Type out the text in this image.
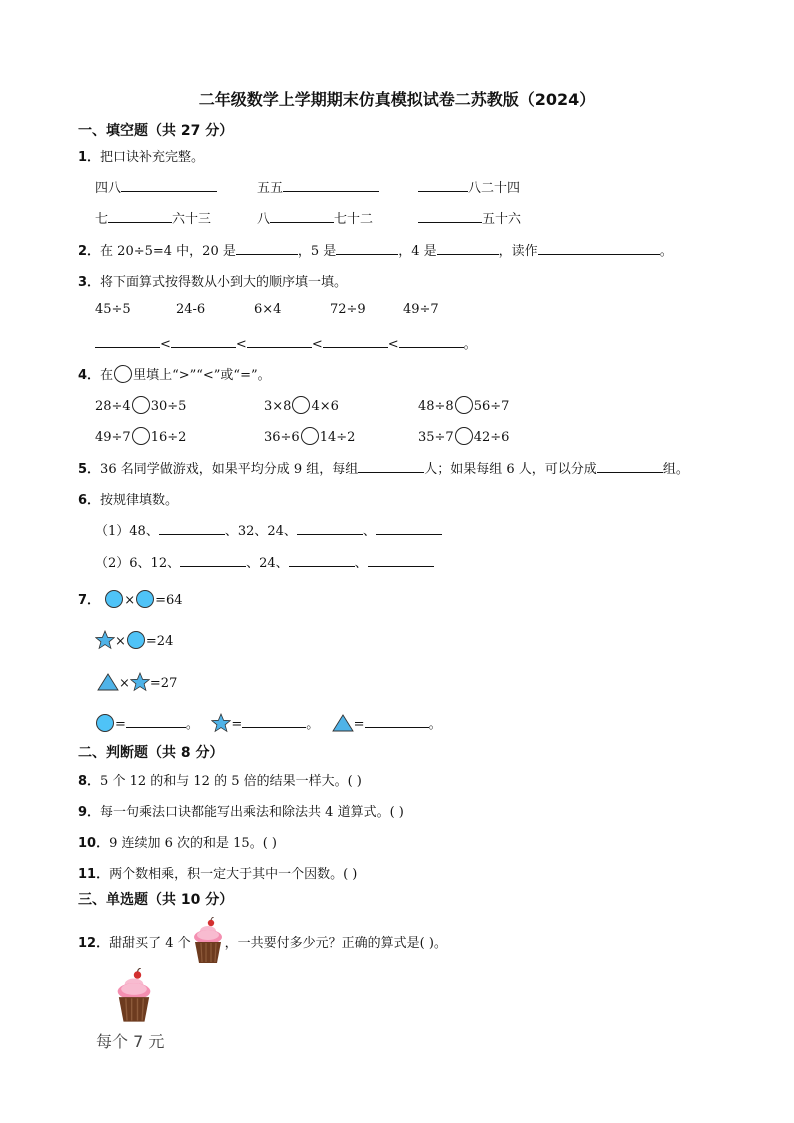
二年级数学上学期期末仿真模拟试卷二苏教版（2024）
一、填空题（共 27 分）
1．把口诀补充完整。
四八	五五	八二十四
七	六十三	八	七十二	五十六
2．在 20÷5=4 中，20 是	，5 是	，4 是	，读作	。
3．将下面算式按得数从小到大的顺序填一填。
45÷5	24-6	6×4	72÷9	49÷7
<	<	<	<	。
4．在 里填上“>”“<”或“=”。
28÷4 30÷5	3×8 4×6	48÷8 56÷7
49÷7 16÷2	36÷6 14÷2	35÷7 42÷6
5．36 名同学做游戏，如果平均分成 9 组，每组	人；如果每组 6 人，可以分成	组。
6．按规律填数。
（1）48、	、32、24、	、
（2）6、12、	、24、	、
7． × =64
× =24
× =27
=	。 =	。	=	。
二、判断题（共 8 分）
8．5 个 12 的和与 12 的 5 倍的结果一样大。( )
9．每一句乘法口诀都能写出乘法和除法共 4 道算式。( )
10．9 连续加 6 次的和是 15。( )
11．两个数相乘，积一定大于其中一个因数。( )
三、单选题（共 10 分）
12．甜甜买了 4 个	，一共要付多少元？正确的算式是( )。
每个 7 元
